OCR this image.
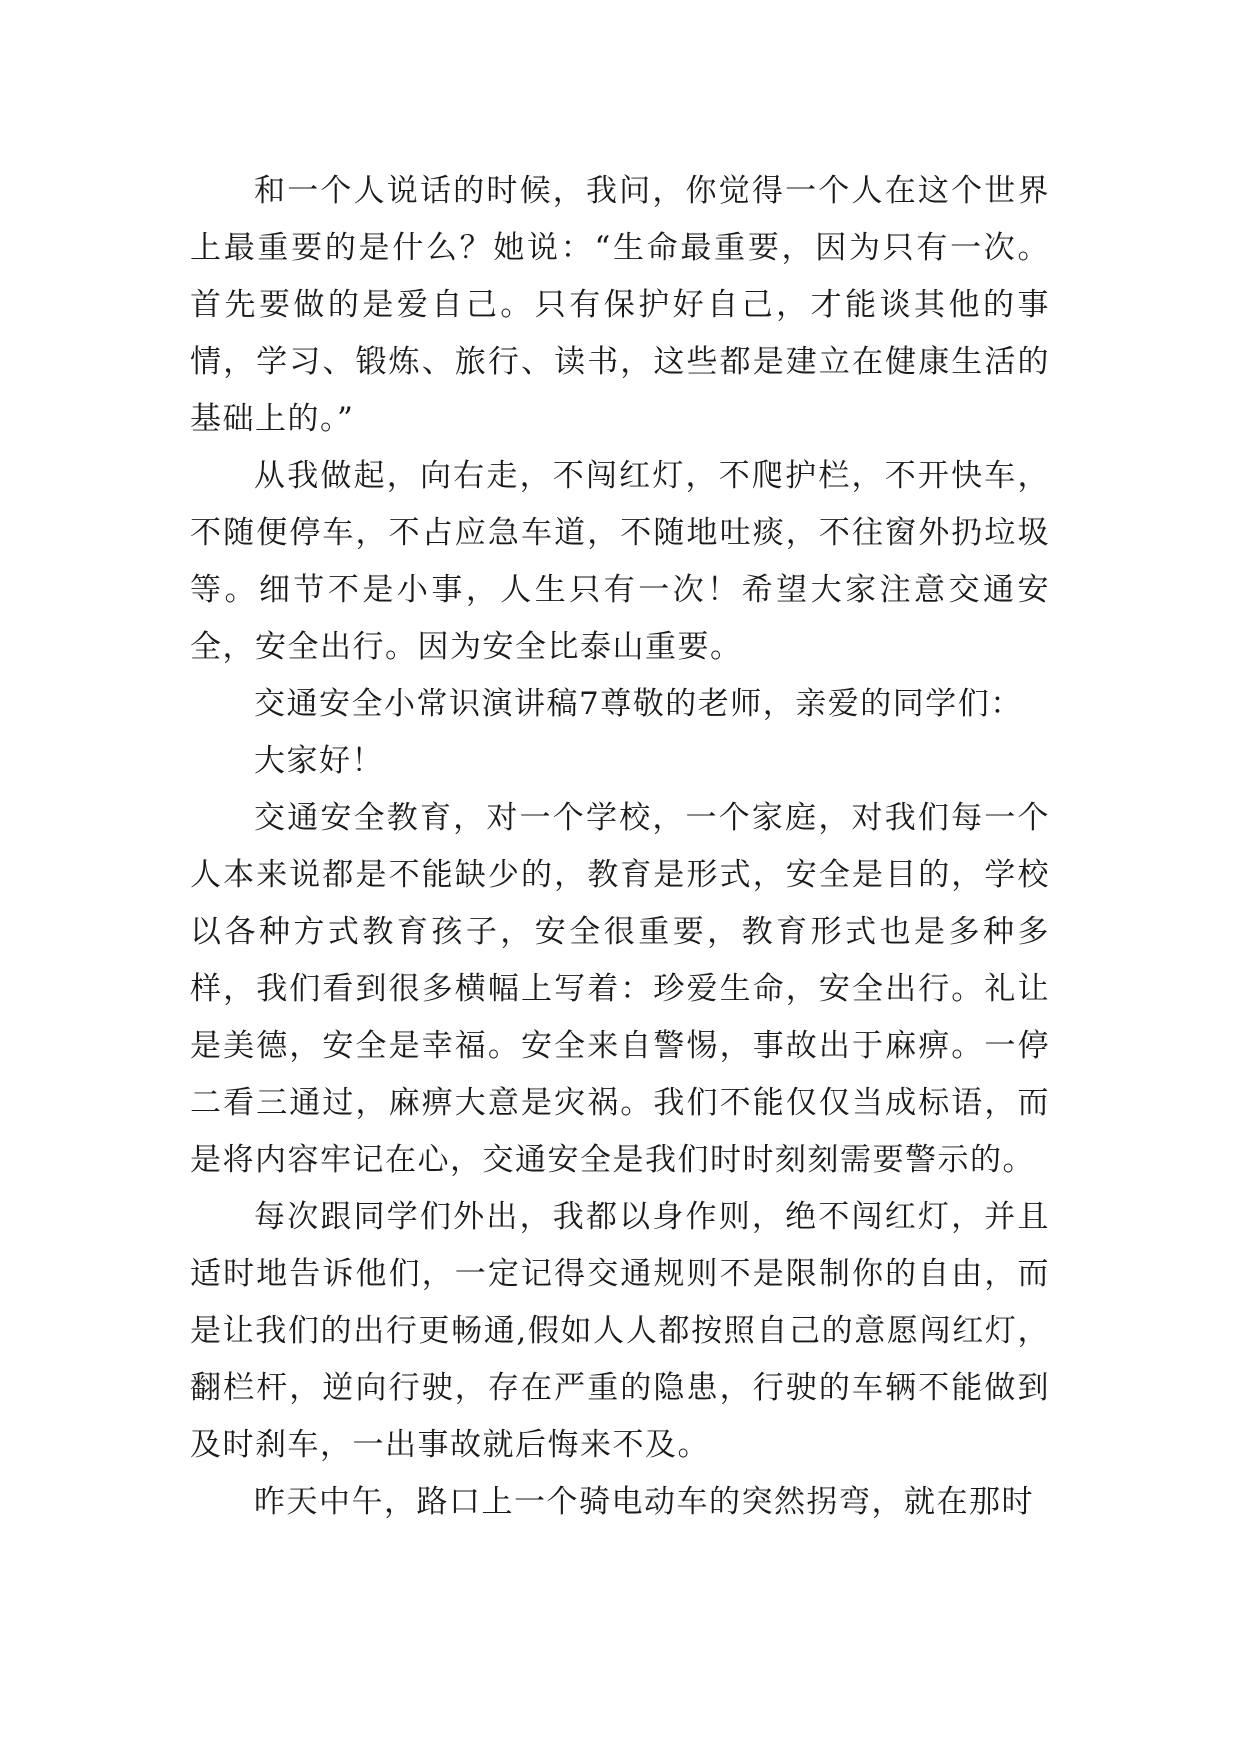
和一个人说话的时候，我问，你觉得一个人在这个世界上最重要的是什么？她说：“生命最重要，因为只有一次。首先要做的是爱自己。只有保护好自己，才能谈其他的事情，学习、锻炼、旅行、读书，这些都是建立在健康生活的基础上的。”

从我做起，向右走，不闯红灯，不爬护栏，不开快车，不随便停车，不占应急车道，不随地吐痰，不往窗外扔垃圾等。细节不是小事，人生只有一次！希望大家注意交通安全，安全出行。因为安全比泰山重要。

交通安全小常识演讲稿7尊敬的老师，亲爱的同学们：

大家好！

交通安全教育，对一个学校，一个家庭，对我们每一个人本来说都是不能缺少的，教育是形式，安全是目的，学校以各种方式教育孩子，安全很重要，教育形式也是多种多样，我们看到很多横幅上写着：珍爱生命，安全出行。礼让是美德，安全是幸福。安全来自警惕，事故出于麻痹。一停二看三通过，麻痹大意是灾祸。我们不能仅仅当成标语，而是将内容牢记在心，交通安全是我们时时刻刻需要警示的。

每次跟同学们外出，我都以身作则，绝不闯红灯，并且适时地告诉他们，一定记得交通规则不是限制你的自由，而是让我们的出行更畅通,假如人人都按照自己的意愿闯红灯，翻栏杆，逆向行驶，存在严重的隐患，行驶的车辆不能做到及时刹车，一出事故就后悔来不及。

昨天中午，路口上一个骑电动车的突然拐弯，就在那时
